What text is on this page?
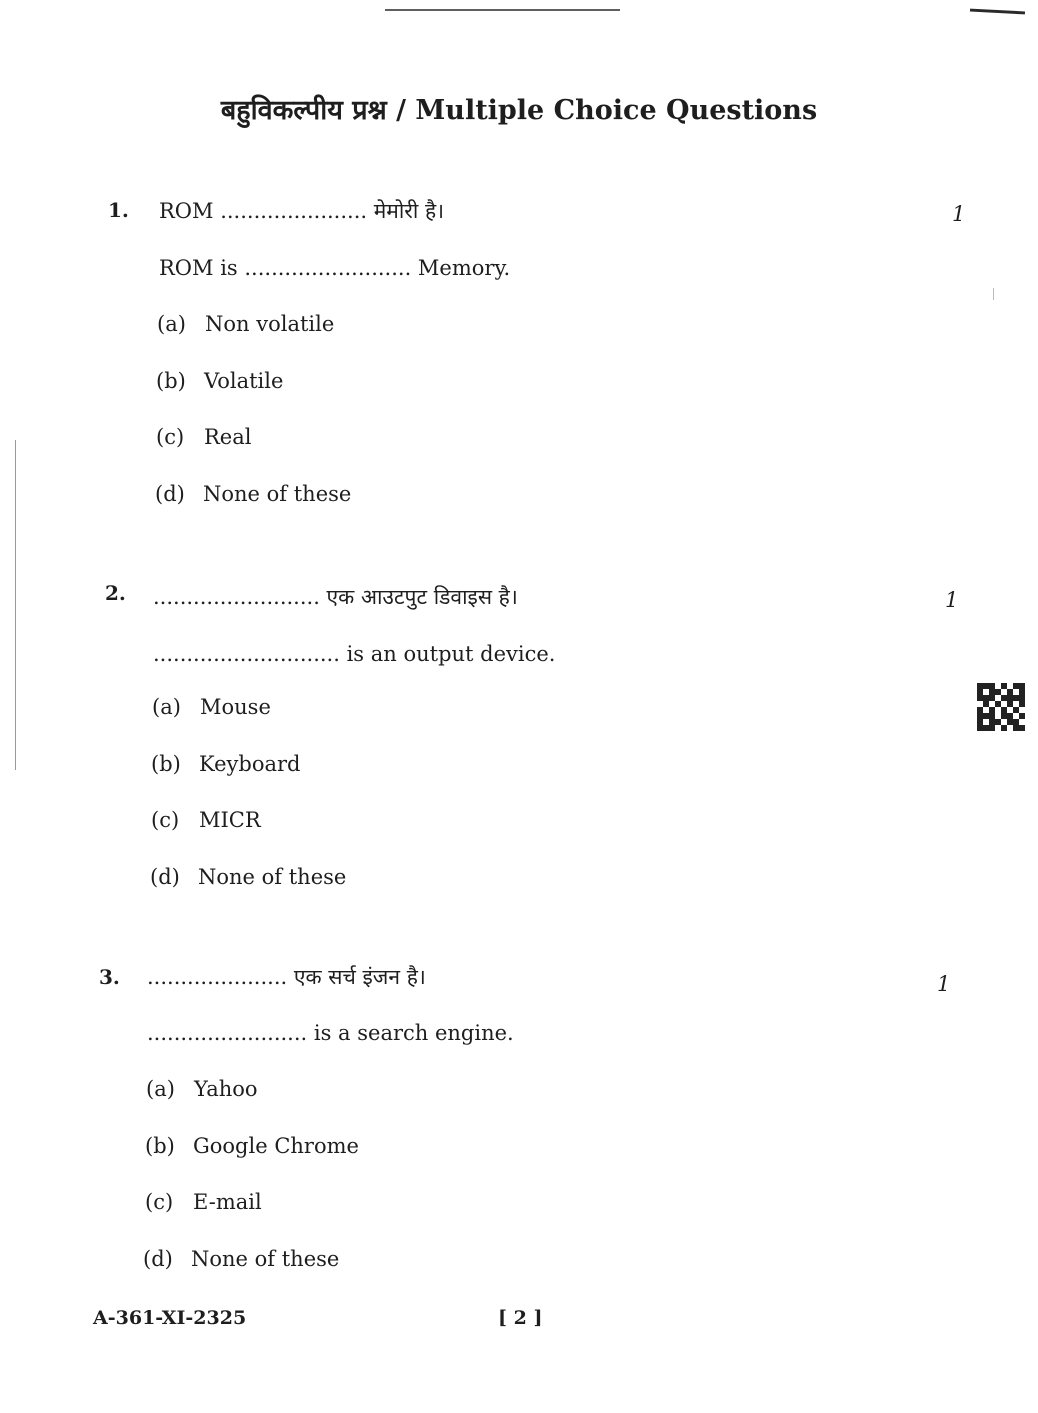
बहुविकल्पीय प्रश्न / Multiple Choice Questions
1. ROM ...................... मेमोरी है।	1
ROM is ......................... Memory.
(a) Non volatile
(b) Volatile
(c) Real
(d) None of these
2. ......................... एक आउटपुट डिवाइस है।	1
............................ is an output device.
(a) Mouse
(b) Keyboard
(c) MICR
(d) None of these
3. ..................... एक सर्च इंजन है।	1
........................ is a search engine.
(a) Yahoo
(b) Google Chrome
(c) E-mail
(d) None of these
A-361-XI-2325	[ 2 ]
